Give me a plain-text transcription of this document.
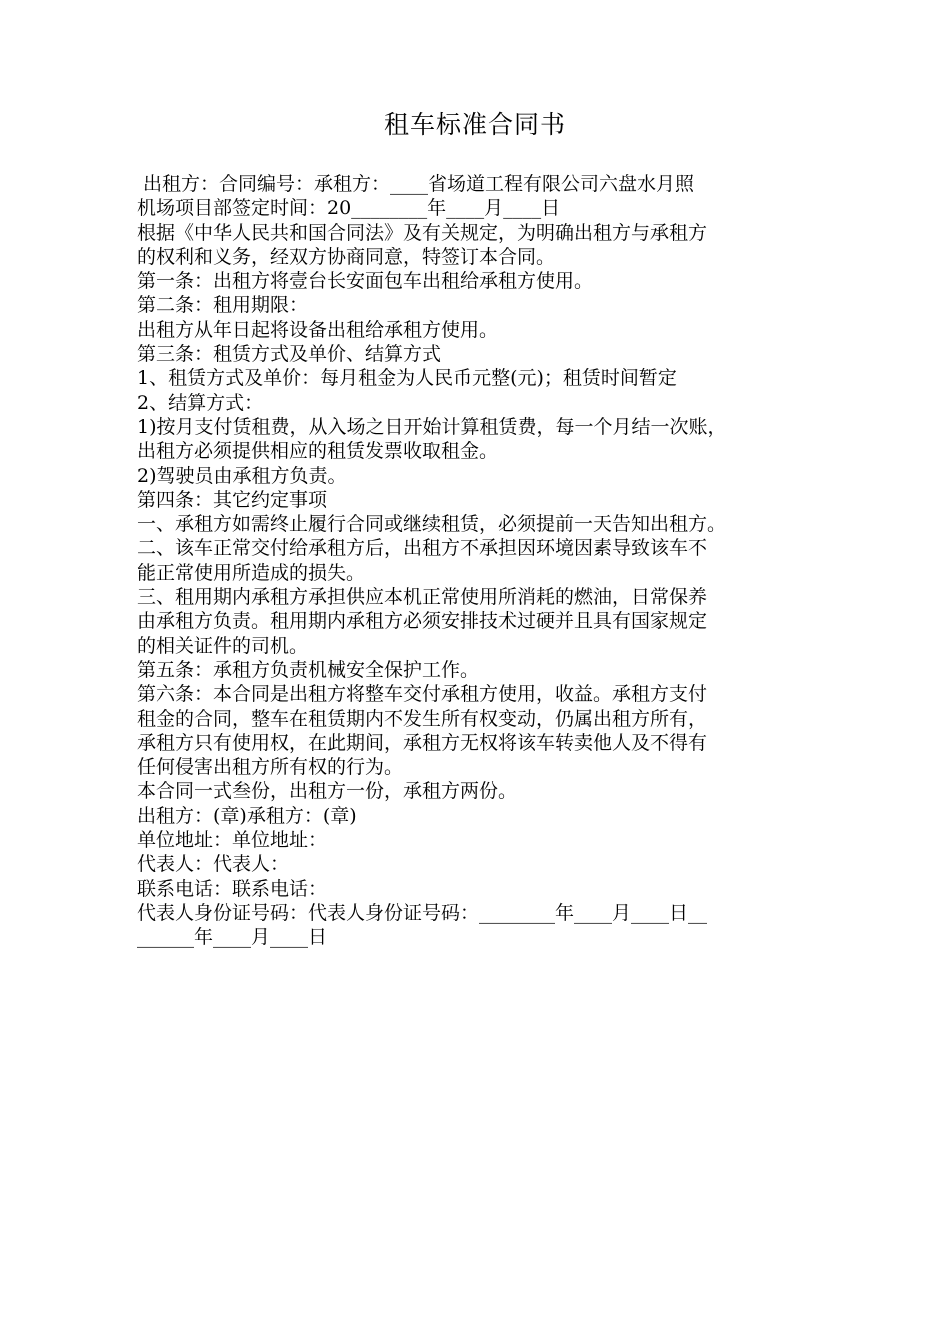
租车标准合同书
出租方：合同编号：承租方：____省场道工程有限公司六盘水月照
机场项目部签定时间：20________年____月____日
根据《中华人民共和国合同法》及有关规定，为明确出租方与承租方
的权利和义务，经双方协商同意，特签订本合同。
第一条：出租方将壹台长安面包车出租给承租方使用。
第二条：租用期限：
出租方从年日起将设备出租给承租方使用。
第三条：租赁方式及单价、结算方式
1、租赁方式及单价：每月租金为人民币元整(元)；租赁时间暂定
2、结算方式：
1)按月支付赁租费，从入场之日开始计算租赁费，每一个月结一次账，
出租方必须提供相应的租赁发票收取租金。
2)驾驶员由承租方负责。
第四条：其它约定事项
一、承租方如需终止履行合同或继续租赁，必须提前一天告知出租方。
二、该车正常交付给承租方后，出租方不承担因环境因素导致该车不
能正常使用所造成的损失。
三、租用期内承租方承担供应本机正常使用所消耗的燃油，日常保养
由承租方负责。租用期内承租方必须安排技术过硬并且具有国家规定
的相关证件的司机。
第五条：承租方负责机械安全保护工作。
第六条：本合同是出租方将整车交付承租方使用，收益。承租方支付
租金的合同，整车在租赁期内不发生所有权变动，仍属出租方所有，
承租方只有使用权，在此期间，承租方无权将该车转卖他人及不得有
任何侵害出租方所有权的行为。
本合同一式叁份，出租方一份，承租方两份。
出租方：(章)承租方：(章)
单位地址：单位地址：
代表人：代表人：
联系电话：联系电话：
代表人身份证号码：代表人身份证号码：________年____月____日__
______年____月____日
